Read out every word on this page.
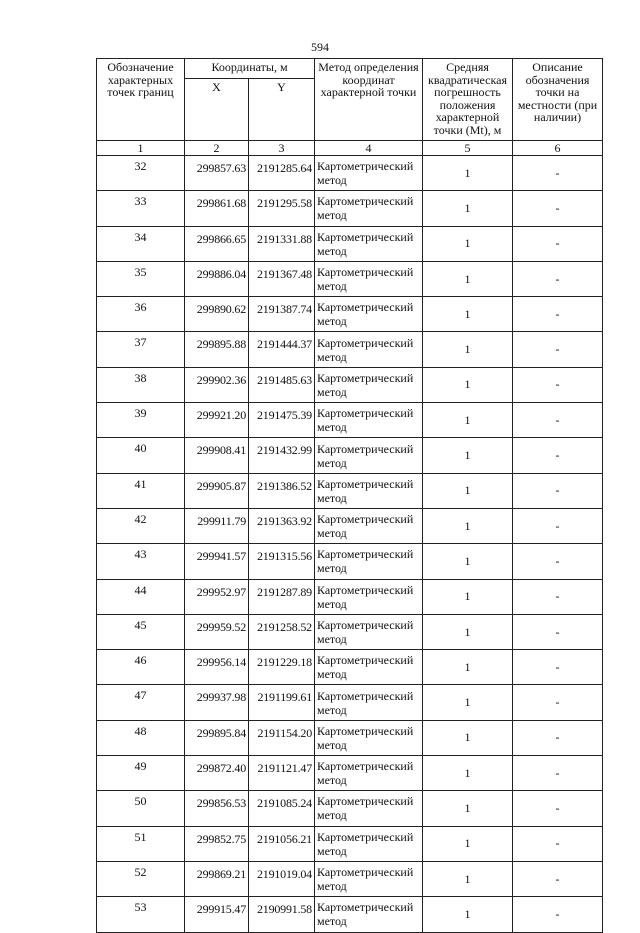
594
Обозначение характерных точек границ	Координаты, м		Метод определения координат характерной точки	Средняя квадратическая погрешность положения характерной точки (Mt), м	Описание обозначения точки на местности (при наличии)
	X	Y			
1	2	3	4	5	6
32	299857.63	2191285.64	Картометрический метод	1	-
33	299861.68	2191295.58	Картометрический метод	1	-
34	299866.65	2191331.88	Картометрический метод	1	-
35	299886.04	2191367.48	Картометрический метод	1	-
36	299890.62	2191387.74	Картометрический метод	1	-
37	299895.88	2191444.37	Картометрический метод	1	-
38	299902.36	2191485.63	Картометрический метод	1	-
39	299921.20	2191475.39	Картометрический метод	1	-
40	299908.41	2191432.99	Картометрический метод	1	-
41	299905.87	2191386.52	Картометрический метод	1	-
42	299911.79	2191363.92	Картометрический метод	1	-
43	299941.57	2191315.56	Картометрический метод	1	-
44	299952.97	2191287.89	Картометрический метод	1	-
45	299959.52	2191258.52	Картометрический метод	1	-
46	299956.14	2191229.18	Картометрический метод	1	-
47	299937.98	2191199.61	Картометрический метод	1	-
48	299895.84	2191154.20	Картометрический метод	1	-
49	299872.40	2191121.47	Картометрический метод	1	-
50	299856.53	2191085.24	Картометрический метод	1	-
51	299852.75	2191056.21	Картометрический метод	1	-
52	299869.21	2191019.04	Картометрический метод	1	-
53	299915.47	2190991.58	Картометрический метод	1	-
